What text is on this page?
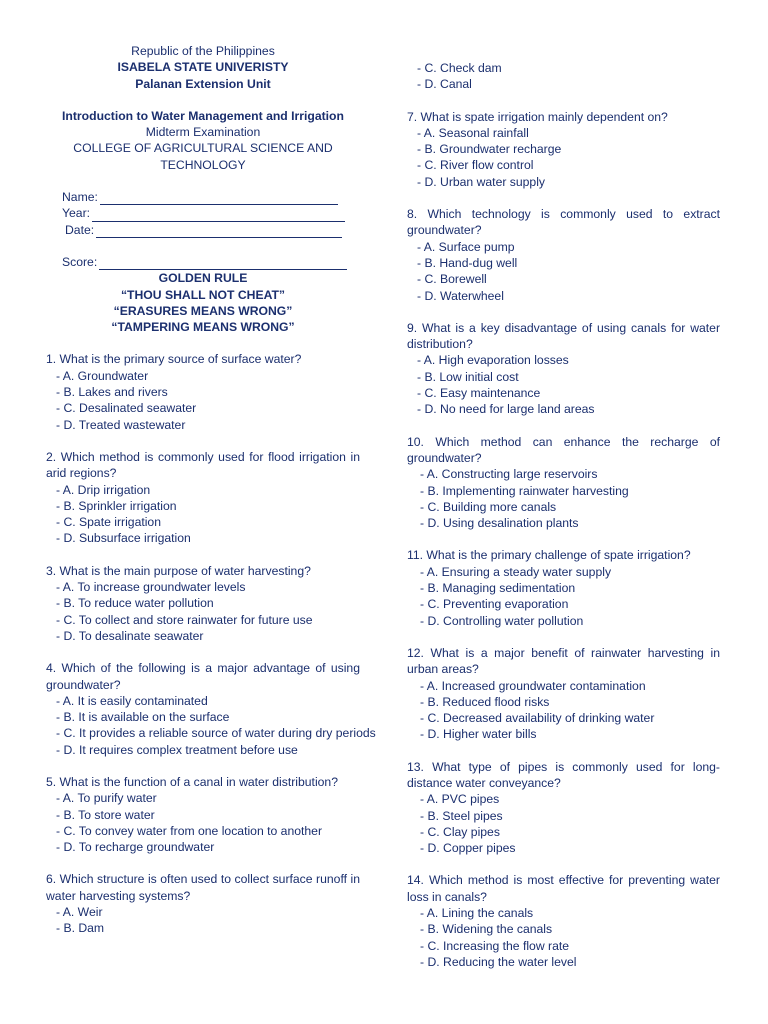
Republic of the Philippines
ISABELA STATE UNIVERISTY
Palanan Extension Unit
Introduction to Water Management and Irrigation
Midterm Examination
COLLEGE OF AGRICULTURAL SCIENCE AND
TECHNOLOGY
Name:
Year:
Date:
Score:
GOLDEN RULE
“THOU SHALL NOT CHEAT”
“ERASURES MEANS WRONG”
“TAMPERING MEANS WRONG”
1. What is the primary source of surface water?
- A. Groundwater
- B. Lakes and rivers
- C. Desalinated seawater
- D. Treated wastewater
2. Which method is commonly used for flood irrigation in arid regions?
- A. Drip irrigation
- B. Sprinkler irrigation
- C. Spate irrigation
- D. Subsurface irrigation
3. What is the main purpose of water harvesting?
- A. To increase groundwater levels
- B. To reduce water pollution
- C. To collect and store rainwater for future use
- D. To desalinate seawater
4. Which of the following is a major advantage of using groundwater?
- A. It is easily contaminated
- B. It is available on the surface
- C. It provides a reliable source of water during dry periods
- D. It requires complex treatment before use
5. What is the function of a canal in water distribution?
- A. To purify water
- B. To store water
- C. To convey water from one location to another
- D. To recharge groundwater
6. Which structure is often used to collect surface runoff in water harvesting systems?
- A. Weir
- B. Dam
- C. Check dam
- D. Canal
7. What is spate irrigation mainly dependent on?
- A. Seasonal rainfall
- B. Groundwater recharge
- C. River flow control
- D. Urban water supply
8. Which technology is commonly used to extract groundwater?
- A. Surface pump
- B. Hand-dug well
- C. Borewell
- D. Waterwheel
9. What is a key disadvantage of using canals for water distribution?
- A. High evaporation losses
- B. Low initial cost
- C. Easy maintenance
- D. No need for large land areas
10. Which method can enhance the recharge of groundwater?
- A. Constructing large reservoirs
- B. Implementing rainwater harvesting
- C. Building more canals
- D. Using desalination plants
11. What is the primary challenge of spate irrigation?
- A. Ensuring a steady water supply
- B. Managing sedimentation
- C. Preventing evaporation
- D. Controlling water pollution
12. What is a major benefit of rainwater harvesting in urban areas?
- A. Increased groundwater contamination
- B. Reduced flood risks
- C. Decreased availability of drinking water
- D. Higher water bills
13. What type of pipes is commonly used for long-distance water conveyance?
- A. PVC pipes
- B. Steel pipes
- C. Clay pipes
- D. Copper pipes
14. Which method is most effective for preventing water loss in canals?
- A. Lining the canals
- B. Widening the canals
- C. Increasing the flow rate
- D. Reducing the water level
